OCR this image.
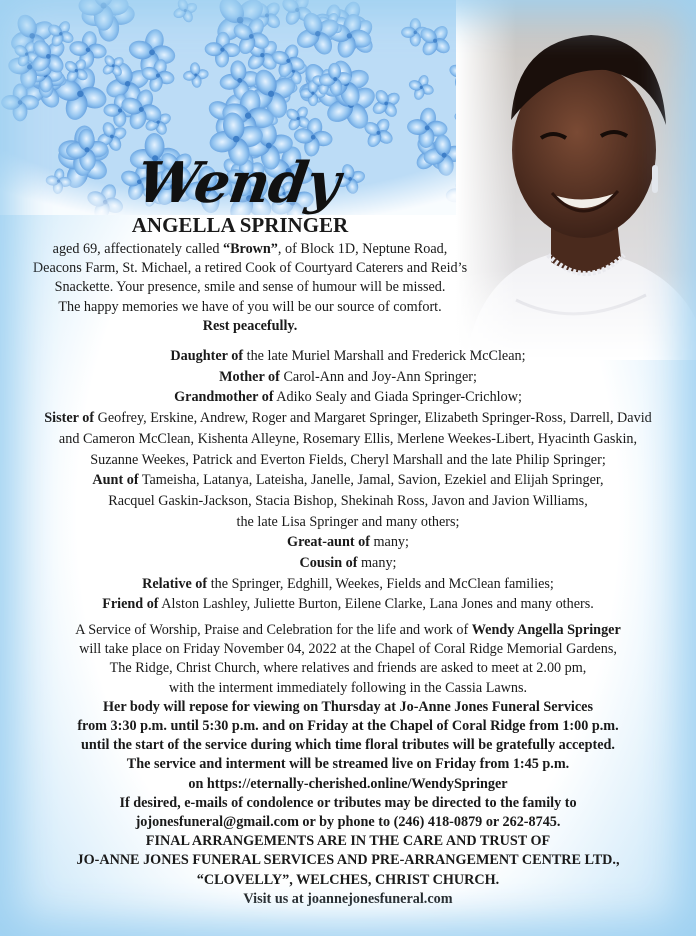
Wendy
ANGELLA SPRINGER
aged 69, affectionately called “Brown”, of Block 1D, Neptune Road,
Deacons Farm, St. Michael, a retired Cook of Courtyard Caterers and Reid’s
Snackette. Your presence, smile and sense of humour will be missed.
The happy memories we have of you will be our source of comfort.
Rest peacefully.
Daughter of the late Muriel Marshall and Frederick McClean;
Mother of Carol-Ann and Joy-Ann Springer;
Grandmother of Adiko Sealy and Giada Springer-Crichlow;
Sister of Geofrey, Erskine, Andrew, Roger and Margaret Springer, Elizabeth Springer-Ross, Darrell, David
and Cameron McClean, Kishenta Alleyne, Rosemary Ellis, Merlene Weekes-Libert, Hyacinth Gaskin,
Suzanne Weekes, Patrick and Everton Fields, Cheryl Marshall and the late Philip Springer;
Aunt of Tameisha, Latanya, Lateisha, Janelle, Jamal, Savion, Ezekiel and Elijah Springer,
Racquel Gaskin-Jackson, Stacia Bishop, Shekinah Ross, Javon and Javion Williams,
the late Lisa Springer and many others;
Great-aunt of many;
Cousin of many;
Relative of the Springer, Edghill, Weekes, Fields and McClean families;
Friend of Alston Lashley, Juliette Burton, Eilene Clarke, Lana Jones and many others.
A Service of Worship, Praise and Celebration for the life and work of Wendy Angella Springer
will take place on Friday November 04, 2022 at the Chapel of Coral Ridge Memorial Gardens,
The Ridge, Christ Church, where relatives and friends are asked to meet at 2.00 pm,
with the interment immediately following in the Cassia Lawns.
Her body will repose for viewing on Thursday at Jo-Anne Jones Funeral Services
from 3:30 p.m. until 5:30 p.m. and on Friday at the Chapel of Coral Ridge from 1:00 p.m.
until the start of the service during which time floral tributes will be gratefully accepted.
The service and interment will be streamed live on Friday from 1:45 p.m.
on https://eternally-cherished.online/WendySpringer
If desired, e-mails of condolence or tributes may be directed to the family to
jojonesfuneral@gmail.com or by phone to (246) 418-0879 or 262-8745.
FINAL ARRANGEMENTS ARE IN THE CARE AND TRUST OF
JO-ANNE JONES FUNERAL SERVICES AND PRE-ARRANGEMENT CENTRE LTD.,
“CLOVELLY”, WELCHES, CHRIST CHURCH.
Visit us at joannejonesfuneral.com
